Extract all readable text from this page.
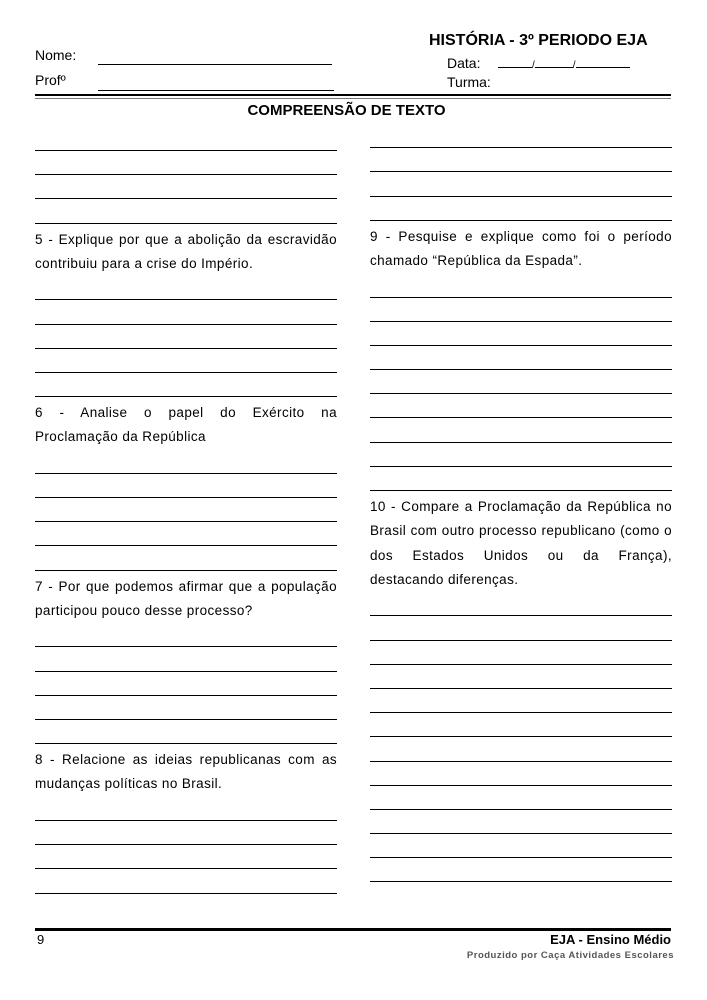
HISTÓRIA - 3º PERIODO EJA
Nome:
Profº
Data:	/	/
Turma:
COMPREENSÃO DE TEXTO
5 - Explique por que a abolição da escravidão contribuiu para a crise do Império.
6 - Analise o papel do Exército na Proclamação da República
7 - Por que podemos afirmar que a população participou pouco desse processo?
8 - Relacione as ideias republicanas com as mudanças políticas no Brasil.
9 - Pesquise e explique como foi o período chamado “República da Espada”.
10 - Compare a Proclamação da República no Brasil com outro processo republicano (como o dos Estados Unidos ou da França), destacando diferenças.
9	EJA - Ensino Médio
Produzido por Caça Atividades Escolares
